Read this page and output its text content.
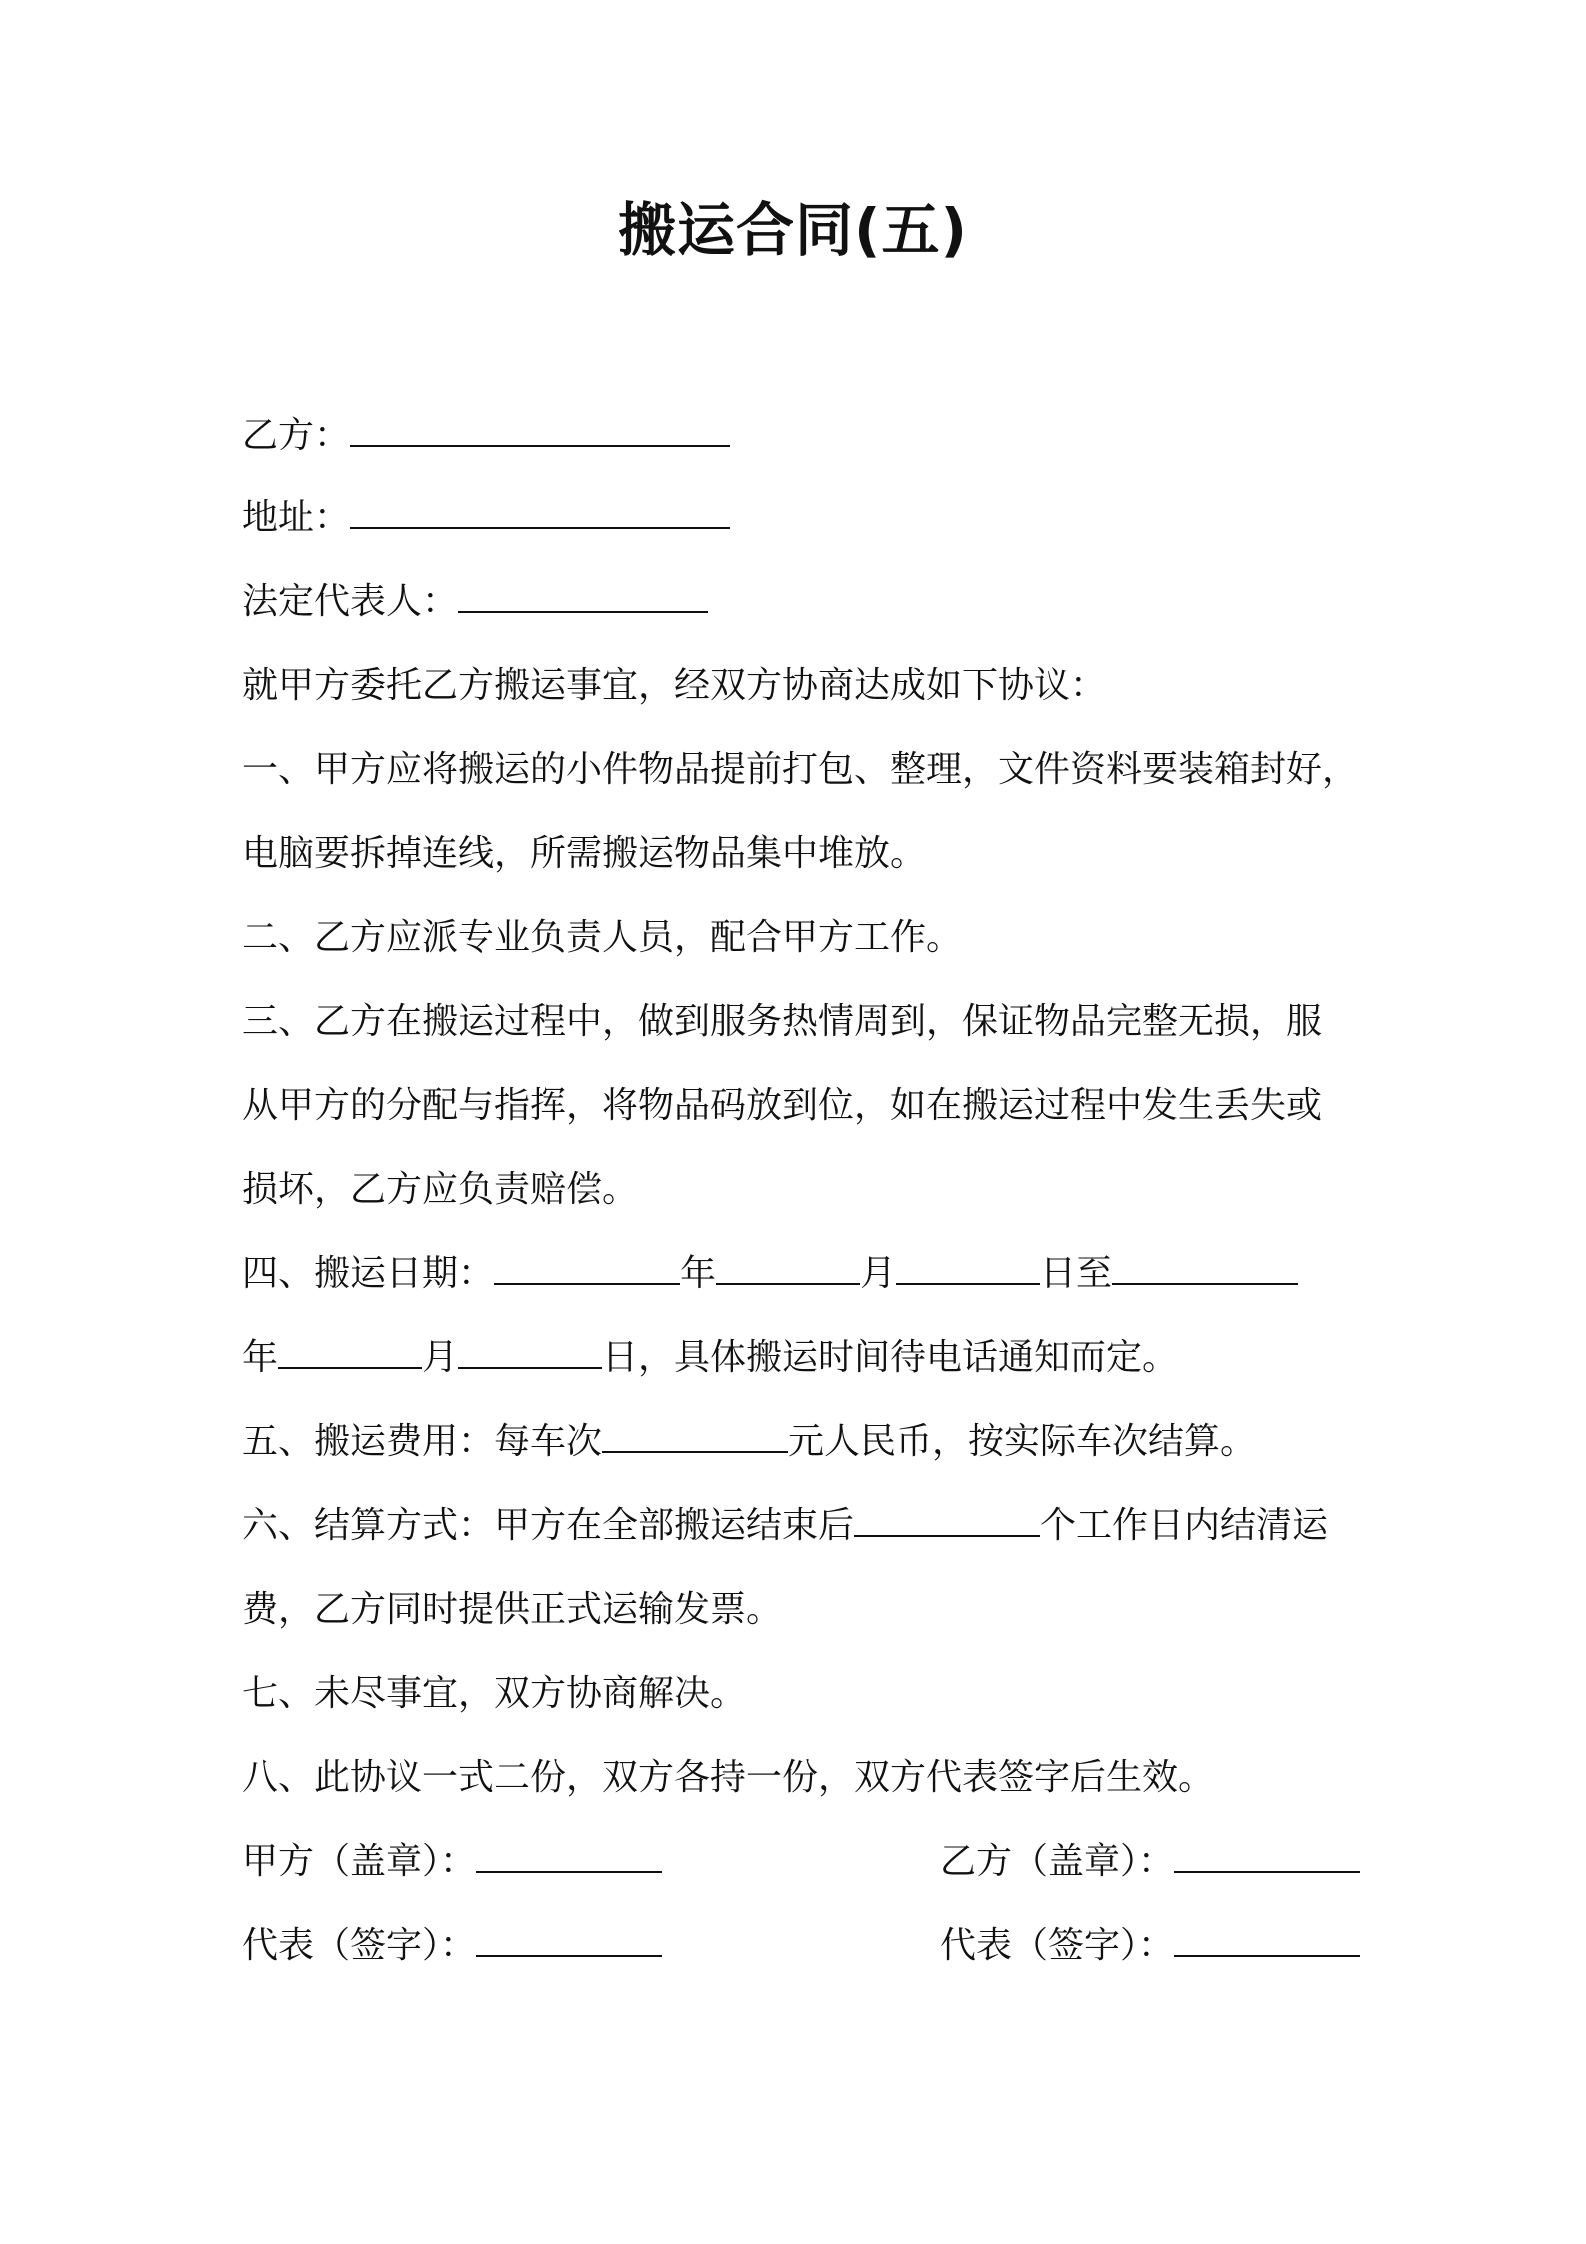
搬运合同(五)
乙方：
地址：
法定代表人：
就甲方委托乙方搬运事宜，经双方协商达成如下协议：
一、甲方应将搬运的小件物品提前打包、整理，文件资料要装箱封好，
电脑要拆掉连线，所需搬运物品集中堆放。
二、乙方应派专业负责人员，配合甲方工作。
三、乙方在搬运过程中，做到服务热情周到，保证物品完整无损，服
从甲方的分配与指挥，将物品码放到位，如在搬运过程中发生丢失或
损坏，乙方应负责赔偿。
四、搬运日期：	年	月	日至
年	月	日，具体搬运时间待电话通知而定。
五、搬运费用：每车次	元人民币，按实际车次结算。
六、结算方式：甲方在全部搬运结束后	个工作日内结清运
费，乙方同时提供正式运输发票。
七、未尽事宜，双方协商解决。
八、此协议一式二份，双方各持一份，双方代表签字后生效。
甲方（盖章）：	乙方（盖章）：
代表（签字）：	代表（签字）：
